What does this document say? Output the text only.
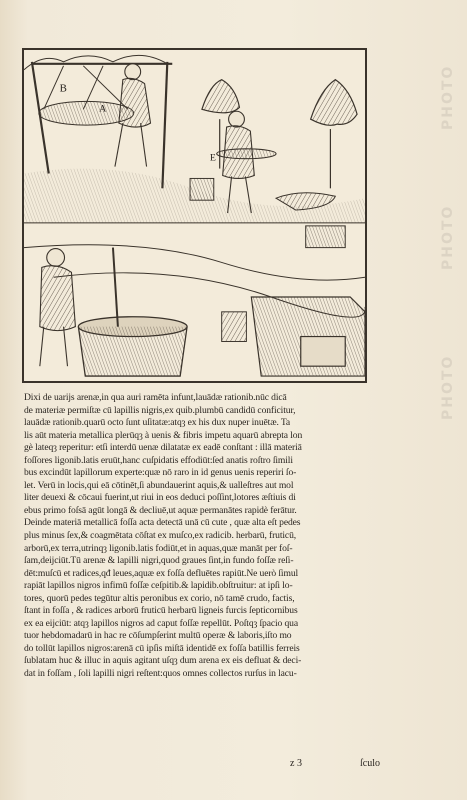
PHOTO
PHOTO
PHOTO
B
A
E
Dixi de uarijs arenæ,in qua auri ramēta infunt,lauādæ rationib.nūc dicā
de materiæ permiſtæ cū lapillis nigris,ex quib.plumbū candidū conficitur,
lauādæ rationib.quarū octo ſunt uſitatæ:atqȝ ex his dux nuper inuētæ. Ta
lis aūt materia metallica plerūqȝ à uenis & fibris impetu aquarū abrepta lon
gè lateqȝ reperitur: etſi interdū uenæ dilatatæ ex eadē conſtant : illā materiā
foſſores ligonib.latis eruūt,hanc cuſpidatis effodiūt:ſed anatis roſtro ſimili
bus excindūt lapillorum experte:quæ nō raro in id genus uenis reperiri ſo-
let. Verū in locis,qui eā cōtinēt,ſi abundauerint aquis,& ualleſtres aut mol
liter deuexi & cōcaui fuerint,ut riui in eos deduci poſſint,lotores æſtiuis di
ebus primo foſsā agūt longā & decliuē,ut aquæ permanātes rapidè ferātur.
Deinde materiā metallicā foſſa acta detectā unā cū cute , quæ alta eſt pedes
plus minus ſex,& coagmētata cōſtat ex muſco,ex radicib. herbarū, fruticū,
arborū,ex terra,utrinqȝ ligonib.latis fodiūt,et in aquas,quæ manāt per foſ-
ſam,deijciūt.Tū arenæ & lapilli nigri,quod graues ſint,in fundo foſſæ reſi-
dēt:muſcū et radices,qđ leues,aquæ ex foſſa defluētes rapiūt.Ne uerò ſimul
rapiāt lapillos nigros infimū foſſæ ceſpitib.& lapidib.obſtruitur: at ipſi lo-
tores, quorū pedes tegūtur altis peronibus ex corio, nō tamē crudo, factis,
ſtant in foſſa , & radices arborū fruticū herbarū ligneis furcis ſepticornibus
ex ea eijciūt: atqȝ lapillos nigros ad caput foſſæ repellūt. Poſtqȝ ſpacio qua
tuor hebdomadarū in hac re cōſumpſerint multū operæ & laboris,iſto mo
do tollūt lapillos nigros:arenā cū ipſis miſtā identidē ex foſſa batillis ferreis
ſublatam huc & illuc in aquis agitant uſqȝ dum arena ex eis defluat & deci-
dat in foſſam , ſoli lapilli nigri reſtent:quos omnes collectos rurſus in lacu-
z 3	ſculo
